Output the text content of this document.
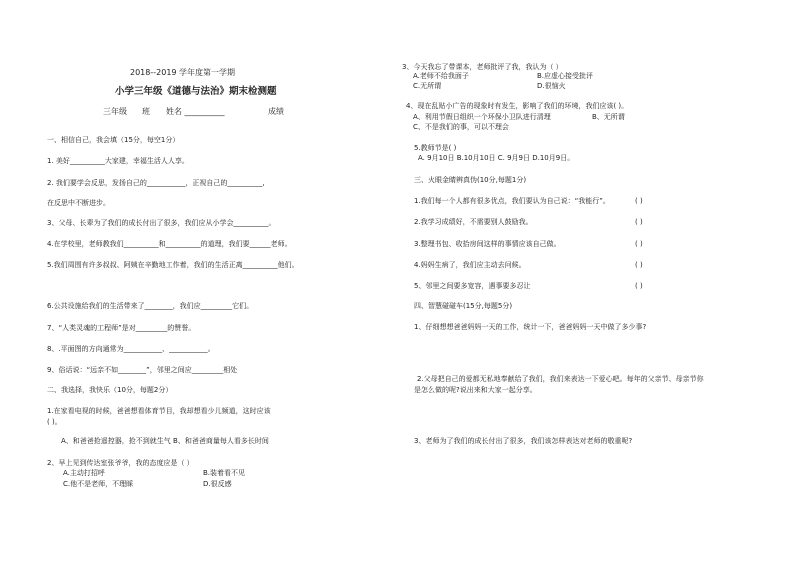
2018--2019 学年度第一学期
小学三年级《道德与法治》期末检测题
三年级 班 姓名 __________	成绩
一、相信自己，我会填（15分，每空1分）
1. 美好__________大家建，幸福生活人人享。
2. 我们要学会反思，发扬自己的___________，正视自己的__________,
在反思中不断进步。
3、父母、长辈为了我们的成长付出了很多，我们应从小学会__________。
4.在学校里，老师教我们__________和__________的道理，我们要______老师。
5.我们周围有许多叔叔、阿姨在辛勤地工作着，我们的生活正离__________他们。
6.公共设施给我们的生活带来了________，我们应_________它们。
7、“人类灵魂的工程师”是对_________的赞誉。
8、.平面图的方向通常为___________、___________。
9、俗话说：“远亲不如________”，邻里之间应_________相处
二、我选择，我快乐（10分，每题2分）
1.在家看电视的时候，爸爸想看体育节目，我却想看少儿频道，这时应该
( )。
A、和爸爸抢遥控器，抢不到就生气 B、和爸爸商量每人看多长时间
2、早上见到传达室张爷爷，我的态度应是（ ）
A.主动打招呼	B.装着看不见
C.他不是老师，不理睬	D.很反感
3、今天我忘了带课本，老师批评了我，我认为（ ）
A.老师不给我面子	B.应虚心接受批评
C.无所谓	D.很恼火
4、现在乱贴小广告的现象时有发生，影响了我们的环境，我们应该( )。
A、利用节假日组织一个环保小卫队进行清理	B、无所谓
C、不是我们的事，可以不理会
5.教师节是( )
A. 9月10日 B.10月10日 C. 9月9日 D.10月9日。
三、火眼金睛辨真伪(10分,每题1分)
1.我们每一个人都有很多优点，我们要认为自己说：“我能行”。	( )
2.我学习成绩好，不需要别人鼓励我。	( )
3.整理书包、收拾房间这样的事情应该自己做。	( )
4.妈妈生病了，我们应主动去问候。	( )
5、邻里之间要多宽容，遇事要多忍让	( )
四、智慧碰碰车(15分,每题5分)
1、仔细想想爸爸妈妈一天的工作，统计一下，爸爸妈妈一天中做了多少事?
2.父母把自己的爱都无私地奉献给了我们，我们来表达一下爱心吧。每年的父亲节、母亲节你
是怎么做的呢?说出来和大家一起分享。
3、老师为了我们的成长付出了很多，我们该怎样表达对老师的敬重呢?
